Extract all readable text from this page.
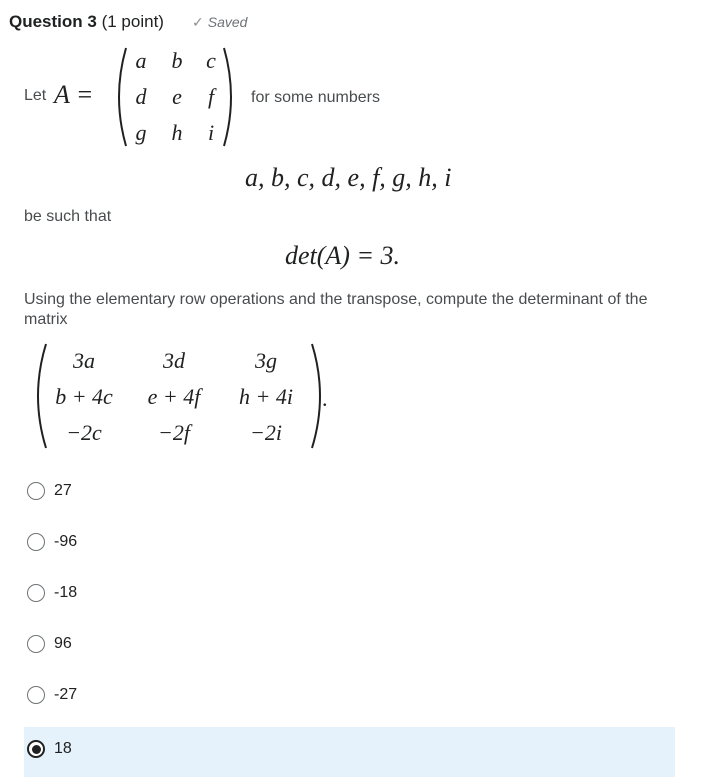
Question 3 (1 point) ✓ Saved
Let A =
a	b	c
d	e	f
g	h	i
for some numbers
a, b, c, d, e, f, g, h, i
be such that
det(A) = 3.
Using the elementary row operations and the transpose, compute the determinant of the matrix
3a	3d	3g
b + 4c	e + 4f	h + 4i
−2c	−2f	−2i
.
27
-96
-18
96
-27
18
